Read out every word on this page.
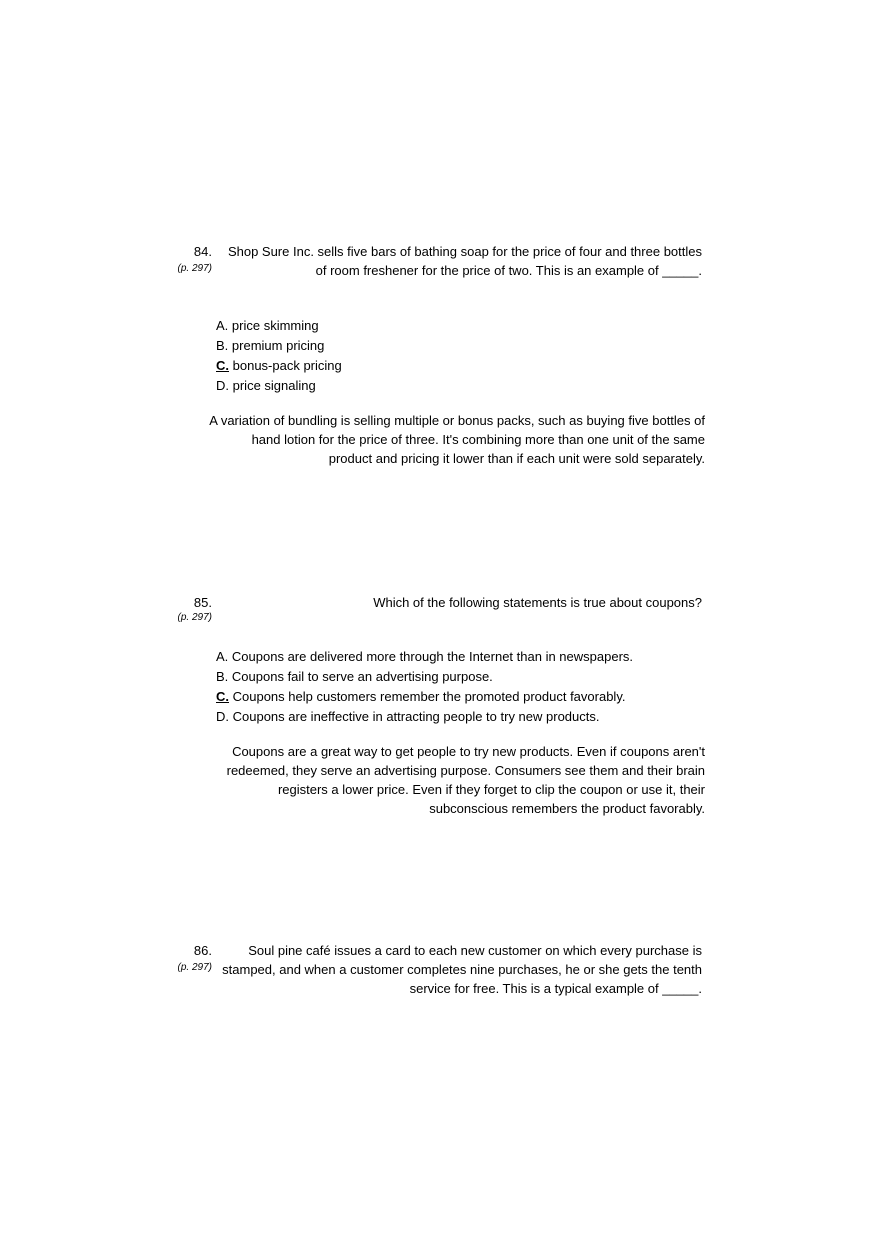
84.
(p. 297)
Shop Sure Inc. sells five bars of bathing soap for the price of four and three bottles of room freshener for the price of two. This is an example of _____.
A. price skimming
B. premium pricing
C. bonus-pack pricing
D. price signaling
A variation of bundling is selling multiple or bonus packs, such as buying five bottles of hand lotion for the price of three. It's combining more than one unit of the same product and pricing it lower than if each unit were sold separately.
85.
(p. 297)
Which of the following statements is true about coupons?
A. Coupons are delivered more through the Internet than in newspapers.
B. Coupons fail to serve an advertising purpose.
C. Coupons help customers remember the promoted product favorably.
D. Coupons are ineffective in attracting people to try new products.
Coupons are a great way to get people to try new products. Even if coupons aren't redeemed, they serve an advertising purpose. Consumers see them and their brain registers a lower price. Even if they forget to clip the coupon or use it, their subconscious remembers the product favorably.
86.
(p. 297)
Soul pine café issues a card to each new customer on which every purchase is stamped, and when a customer completes nine purchases, he or she gets the tenth service for free. This is a typical example of _____.
